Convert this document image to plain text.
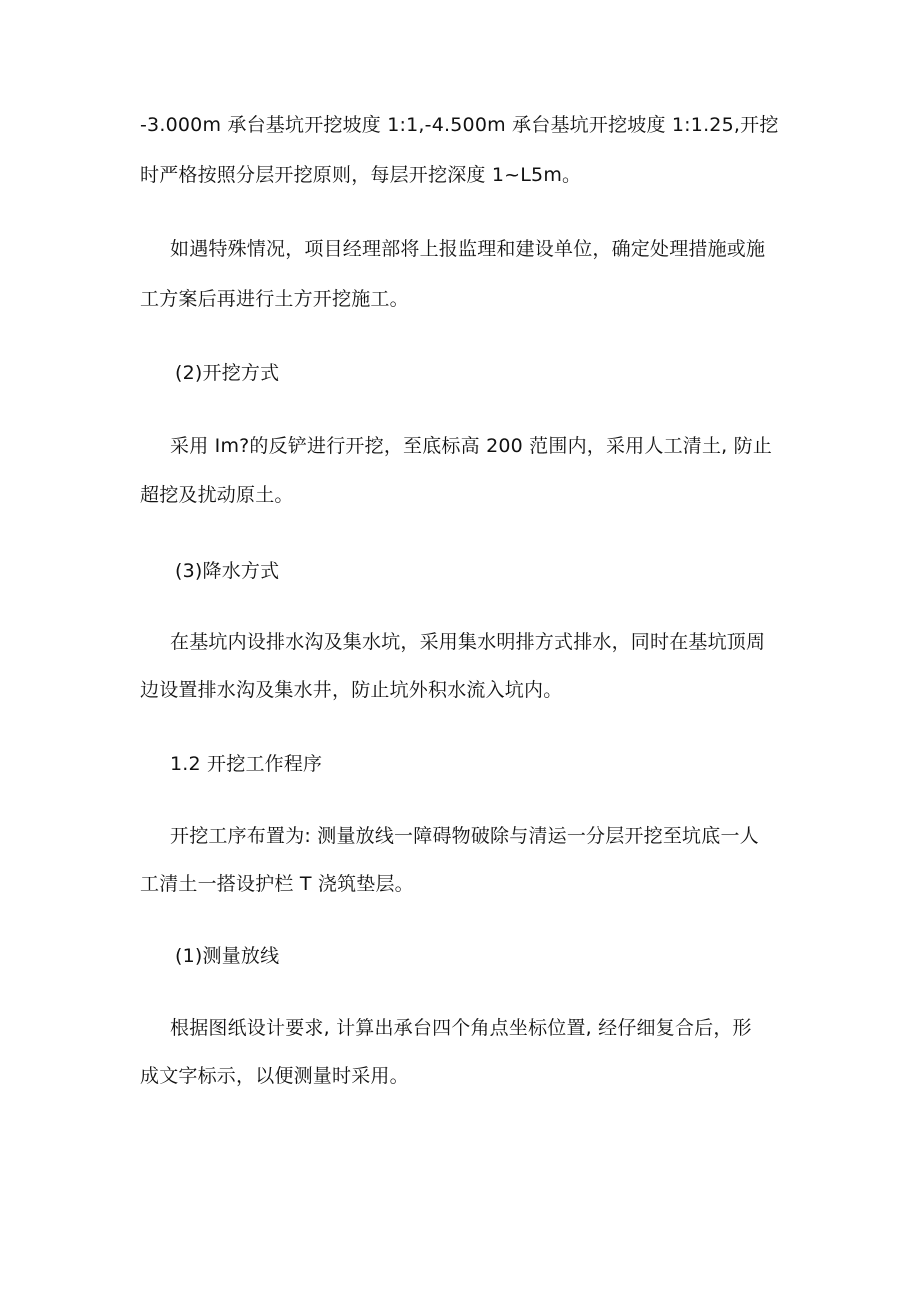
-3.000m 承台基坑开挖坡度 1:1,-4.500m 承台基坑开挖坡度 1:1.25,开挖
时严格按照分层开挖原则，每层开挖深度 1~L5m。
如遇特殊情况，项目经理部将上报监理和建设单位，确定处理措施或施
工方案后再进行土方开挖施工。
(2)开挖方式
采用 Im?的反铲进行开挖，至底标高 200 范围内，采用人工清土, 防止
超挖及扰动原土。
(3)降水方式
在基坑内设排水沟及集水坑，采用集水明排方式排水，同时在基坑顶周
边设置排水沟及集水井，防止坑外积水流入坑内。
1.2 开挖工作程序
开挖工序布置为: 测量放线一障碍物破除与清运一分层开挖至坑底一人
工清土一搭设护栏 T 浇筑垫层。
(1)测量放线
根据图纸设计要求, 计算出承台四个角点坐标位置, 经仔细复合后，形
成文字标示，以便测量时采用。
